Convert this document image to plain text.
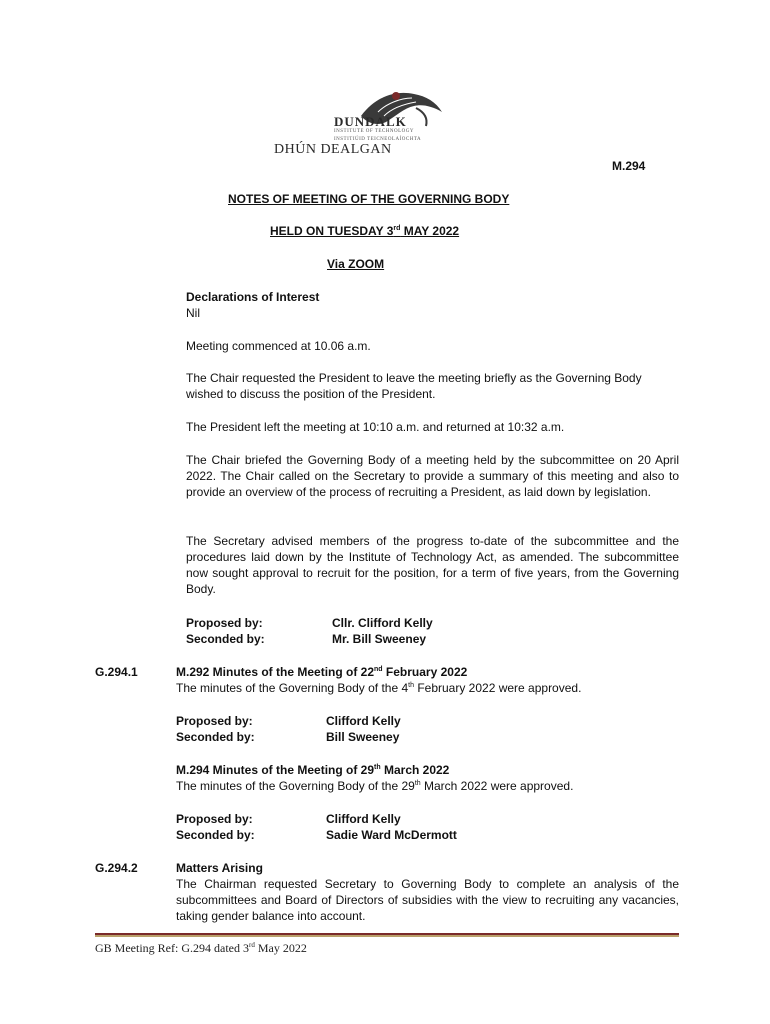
DUNDALK
INSTITUTE OF TECHNOLOGY
INSTITIÚID TEICNEOLAÍOCHTA
DHÚN DEALGAN
M.294
NOTES OF MEETING OF THE GOVERNING BODY
HELD ON TUESDAY 3rd MAY 2022
Via ZOOM
Declarations of Interest
Nil
Meeting commenced at 10.06 a.m.
The Chair requested the President to leave the meeting briefly as the Governing Body wished to discuss the position of the President.
The President left the meeting at 10:10 a.m. and returned at 10:32 a.m.
The Chair briefed the Governing Body of a meeting held by the subcommittee on 20 April 2022. The Chair called on the Secretary to provide a summary of this meeting and also to provide an overview of the process of recruiting a President, as laid down by legislation.
The Secretary advised members of the progress to-date of the subcommittee and the procedures laid down by the Institute of Technology Act, as amended. The subcommittee now sought approval to recruit for the position, for a term of five years, from the Governing Body.
Proposed by:	Cllr. Clifford Kelly
Seconded by:	Mr. Bill Sweeney
G.294.1	M.292 Minutes of the Meeting of 22nd February 2022
The minutes of the Governing Body of the 4th February 2022 were approved.
Proposed by:	Clifford Kelly
Seconded by:	Bill Sweeney
M.294 Minutes of the Meeting of 29th March 2022
The minutes of the Governing Body of the 29th March 2022 were approved.
Proposed by:	Clifford Kelly
Seconded by:	Sadie Ward McDermott
G.294.2	Matters Arising
The Chairman requested Secretary to Governing Body to complete an analysis of the subcommittees and Board of Directors of subsidies with the view to recruiting any vacancies, taking gender balance into account.
GB Meeting Ref: G.294 dated 3rd May 2022
